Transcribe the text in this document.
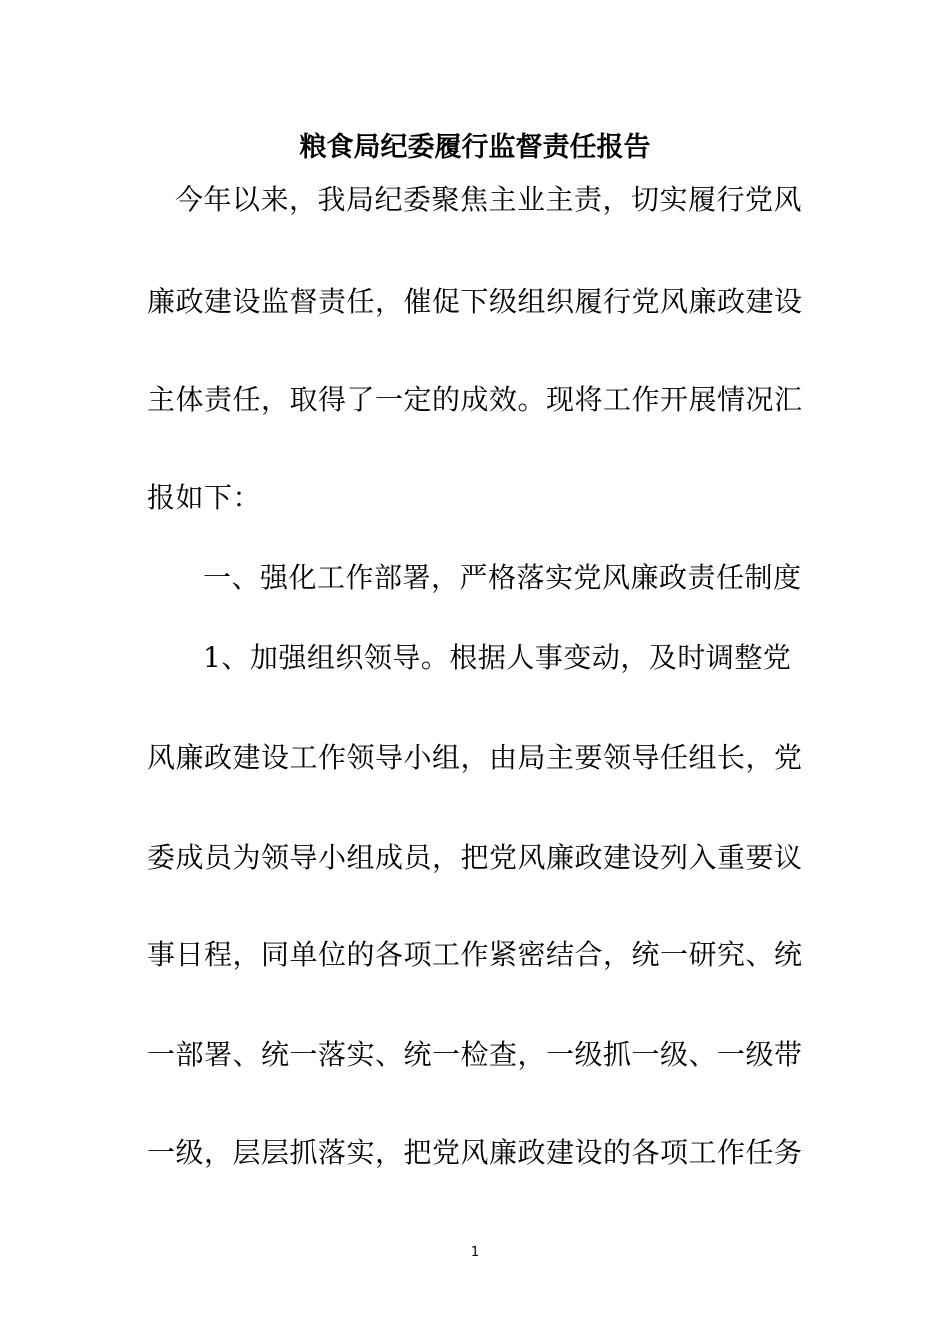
粮食局纪委履行监督责任报告

今年以来，我局纪委聚焦主业主责，切实履行党风

廉政建设监督责任，催促下级组织履行党风廉政建设

主体责任，取得了一定的成效。现将工作开展情况汇

报如下：

一、强化工作部署，严格落实党风廉政责任制度

1、加强组织领导。根据人事变动，及时调整党

风廉政建设工作领导小组，由局主要领导任组长，党

委成员为领导小组成员，把党风廉政建设列入重要议

事日程，同单位的各项工作紧密结合，统一研究、统

一部署、统一落实、统一检查，一级抓一级、一级带

一级，层层抓落实，把党风廉政建设的各项工作任务

1
